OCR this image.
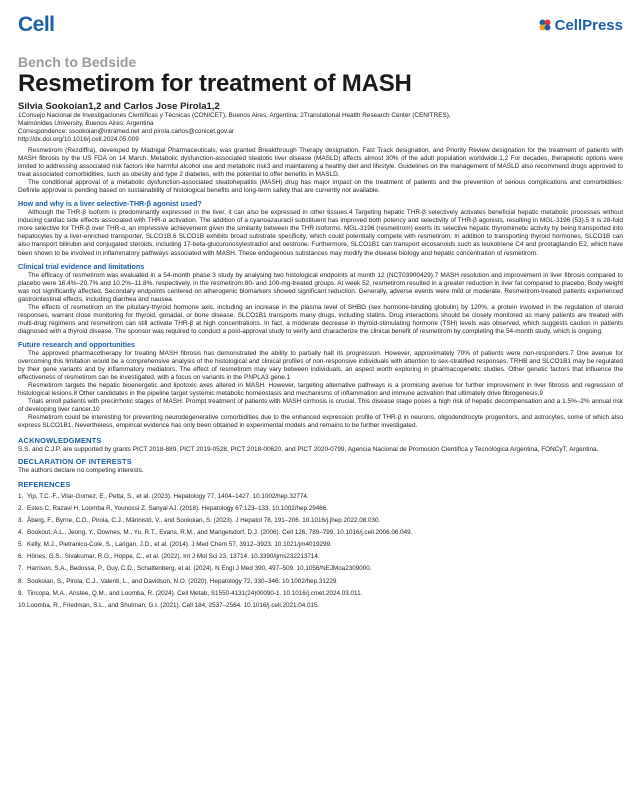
Cell	CellPress
Bench to Bedside
Resmetirom for treatment of MASH
Silvia Sookoian1,2 and Carlos Jose Pirola1,2
1Consejo Nacional de Investigaciones Científicas y Técnicas (CONICET), Buenos Aires, Argentina; 2Translational Health Research Center (CENITRES),
Maimónides University, Buenos Aires, Argentina
Correspondence: ssookoian@intramed.net and pirola.carlos@conicet.gov.ar
http://dx.doi.org/10.1016/j.cell.2024.05.009

Resmetirom (Rezdiffra), developed by Madrigal Pharmaceuticals, was granted Breakthrough Therapy designation, Fast Track designation, and Priority Review designation for the treatment of patients with MASH fibrosis by the US FDA on 14 March. Metabolic dysfunction-associated steatotic liver disease (MASLD) affects almost 30% of the adult population worldwide.1,2 For decades, therapeutic options were limited to addressing associated risk factors like harmful alcohol use and metabolic risk3 and maintaining a healthy diet and lifestyle. Guidelines on the management of MASLD also recommend drugs approved to treat associated comorbidities, such as obesity and type 2 diabetes, with the potential to offer benefits in MASLD.

The conditional approval of a metabolic dysfunction-associated steatohepatitis (MASH) drug has major impact on the treatment of patients and the prevention of serious complications and comorbidities. Definite approval is pending based on sustainability of histological benefits and long-term safety that are currently not available.

How and why is a liver selective-THR-β agonist used?

Although the THR-β isoform is predominantly expressed in the liver, it can also be expressed in other tissues.4 Targeting hepatic THR-β selectively activates beneficial hepatic metabolic processes without inducing cardiac side effects associated with THR-α activation. The addition of a cyanoazauracil substituent has improved both potency and selectivity of THR-β agonists, resulting in MGL-3196 (53).5 It is 28-fold more selective for THR-β over THR-α, an impressive achievement given the similarity between the THR isoforms. MGL-3196 (resmetirom) exerts its selective hepatic thyromimetic activity by being transported into hepatocytes by a liver-enriched transporter, SLCO1B.6 SLCO1B exhibits broad substrate specificity, which could potentially compete with resmetirom. In addition to transporting thyroid hormones, SLCO1B can also transport bilirubin and conjugated steroids, including 17-beta-glucuronosylestradiol and oestrone. Furthermore, SLCO1B1 can transport eicosanoids such as leukotriene C4 and prostaglandin E2, which have been shown to be involved in inflammatory pathways associated with MASH. These endogenous substances may modify the disease biology and hepatic concentration of resmetirom.

Clinical trial evidence and limitations

The efficacy of resmetirom was evaluated in a 54-month phase 3 study by analysing two histological endpoints at month 12 (NCT03900429).7 MASH resolution and improvement in liver fibrosis compared to placebo were 16.4%–20.7% and 10.2%–11.8%, respectively, in the resmetirom 80- and 100-mg-treated groups. At week 52, resmetirom resulted in a greater reduction in liver fat compared to placebo. Body weight was not significantly affected. Secondary endpoints centered on atherogenic biomarkers showed significant reduction. Generally, adverse events were mild or moderate. Resmetirom-treated patients experienced gastrointestinal effects, including diarrhea and nausea.

The effects of resmetirom on the pituitary-thyroid hormone axis, including an increase in the plasma level of SHBG (sex hormone-binding globulin) by 120%, a protein involved in the regulation of steroid responses, warrant close monitoring for thyroid, gonadal, or bone disease. SLCO1B1 transports many drugs, including statins. Drug interactions should be closely monitored as many patients are treated with multi-drug regimens and resmetirom can still activate THR-β at high concentrations. In fact, a moderate decrease in thyroid-stimulating hormone (TSH) levels was observed, which suggests caution in patients diagnosed with a thyroid disease. The sponsor was required to conduct a post-approval study to verify and characterize the clinical benefit of resmetirom by completing the 54-month study, which is ongoing.

Future research and opportunities

The approved pharmacotherapy for treating MASH fibrosis has demonstrated the ability to partially halt its progression. However, approximately 70% of patients were non-responders.7 One avenue for overcoming this limitation would be a comprehensive analysis of the histological and clinical profiles of non-responsive individuals with attention to sex-stratified responses. TRHB and SLCO1B1 may be regulated by their gene variants and by inflammatory mediators. The effect of resmetirom may vary between individuals, an aspect worth exploring in pharmacogenetic studies. Other genetic factors that influence the effectiveness of resmetirom can be investigated, with a focus on variants in the PNPLA3 gene.1

Resmetirom targets the hepatic bioenergetic and lipotoxic axes altered in MASH. However, targeting alternative pathways is a promising avenue for further improvement in liver fibrosis and regression of histological lesions.8 Other candidates in the pipeline target systemic metabolic homeostasis and mechanisms of inflammation and immune activation that ultimately drive fibrogenesis.9

Trials enroll patients with precirrhotic stages of MASH. Prompt treatment of patients with MASH cirrhosis is crucial. This disease stage poses a high risk of hepatic decompensation and a 1.5%–2% annual risk of developing liver cancer.10

Resmetirom could be interesting for preventing neurodegenerative comorbidities due to the enhanced expression profile of THR-β in neurons, oligodendrocyte progenitors, and astrocytes, some of which also express SLCO1B1. Nevertheless, empirical evidence has only been obtained in experimental models and remains to be further investigated.

ACKNOWLEDGMENTS
S.S. and C.J.P. are supported by grants PICT 2018-889, PICT 2019-0528, PICT 2018-00620, and PICT 2020-0799, Agencia Nacional de Promoción Científica y Tecnológica Argentina, FONCyT, Argentina.
DECLARATION OF INTERESTS
The authors declare no competing interests.
REFERENCES
1. Yip, T.C.-F., Vilar-Gomez, E., Petta, S., et al. (2023). Hepatology 77, 1404–1427. 10.1002/hep.32774.
2. Estes C, Razavi H, Loomba R, Younossi Z, Sanyal AJ. (2018). Hepatology 67:123–133. 10.1002/hep.29466.
3. Åberg, F., Byrne, C.D., Pirola, C.J., Männistö, V., and Sookoian, S. (2023). J Hepatol 78, 191–206. 10.1016/j.jhep.2022.08.030.
4. Bookout, A.L., Jeong, Y., Downes, M., Yu, R.T., Evans, R.M., and Mangelsdorf, D.J. (2006). Cell 126, 789–799. 10.1016/j.cell.2006.06.049.
5. Kelly, M.J., Pietranico-Cole, S., Larigan, J.D., et al. (2014). J Med Chem 57, 3912–3923. 10.1021/jm4019299.
6. Hönes, G.S., Sivakumar, R.G., Hoppe, C., et al. (2022). Int J Mol Sci 23, 13714. 10.3390/ijms232213714.
7. Harrison, S.A., Bedossa, P., Guy, C.D., Schattenberg, et al. (2024). N Engl J Med 390, 497–509. 10.1056/NEJMoa2309000.
8. Sookoian, S., Pirola, C.J., Valenti, L., and Davidson, N.O. (2020). Hepatology 72, 330–346. 10.1002/hep.31229.
9. Tincopa, M.A., Anstee, Q.M., and Loomba, R. (2024). Cell Metab, S1550-4131(24)00090-1. 10.1016/j.cmet.2024.03.011.
10.Loomba, R., Friedman, S.L., and Shulman, G.I. (2021). Cell 184, 2537–2564. 10.1016/j.cell.2021.04.015.
